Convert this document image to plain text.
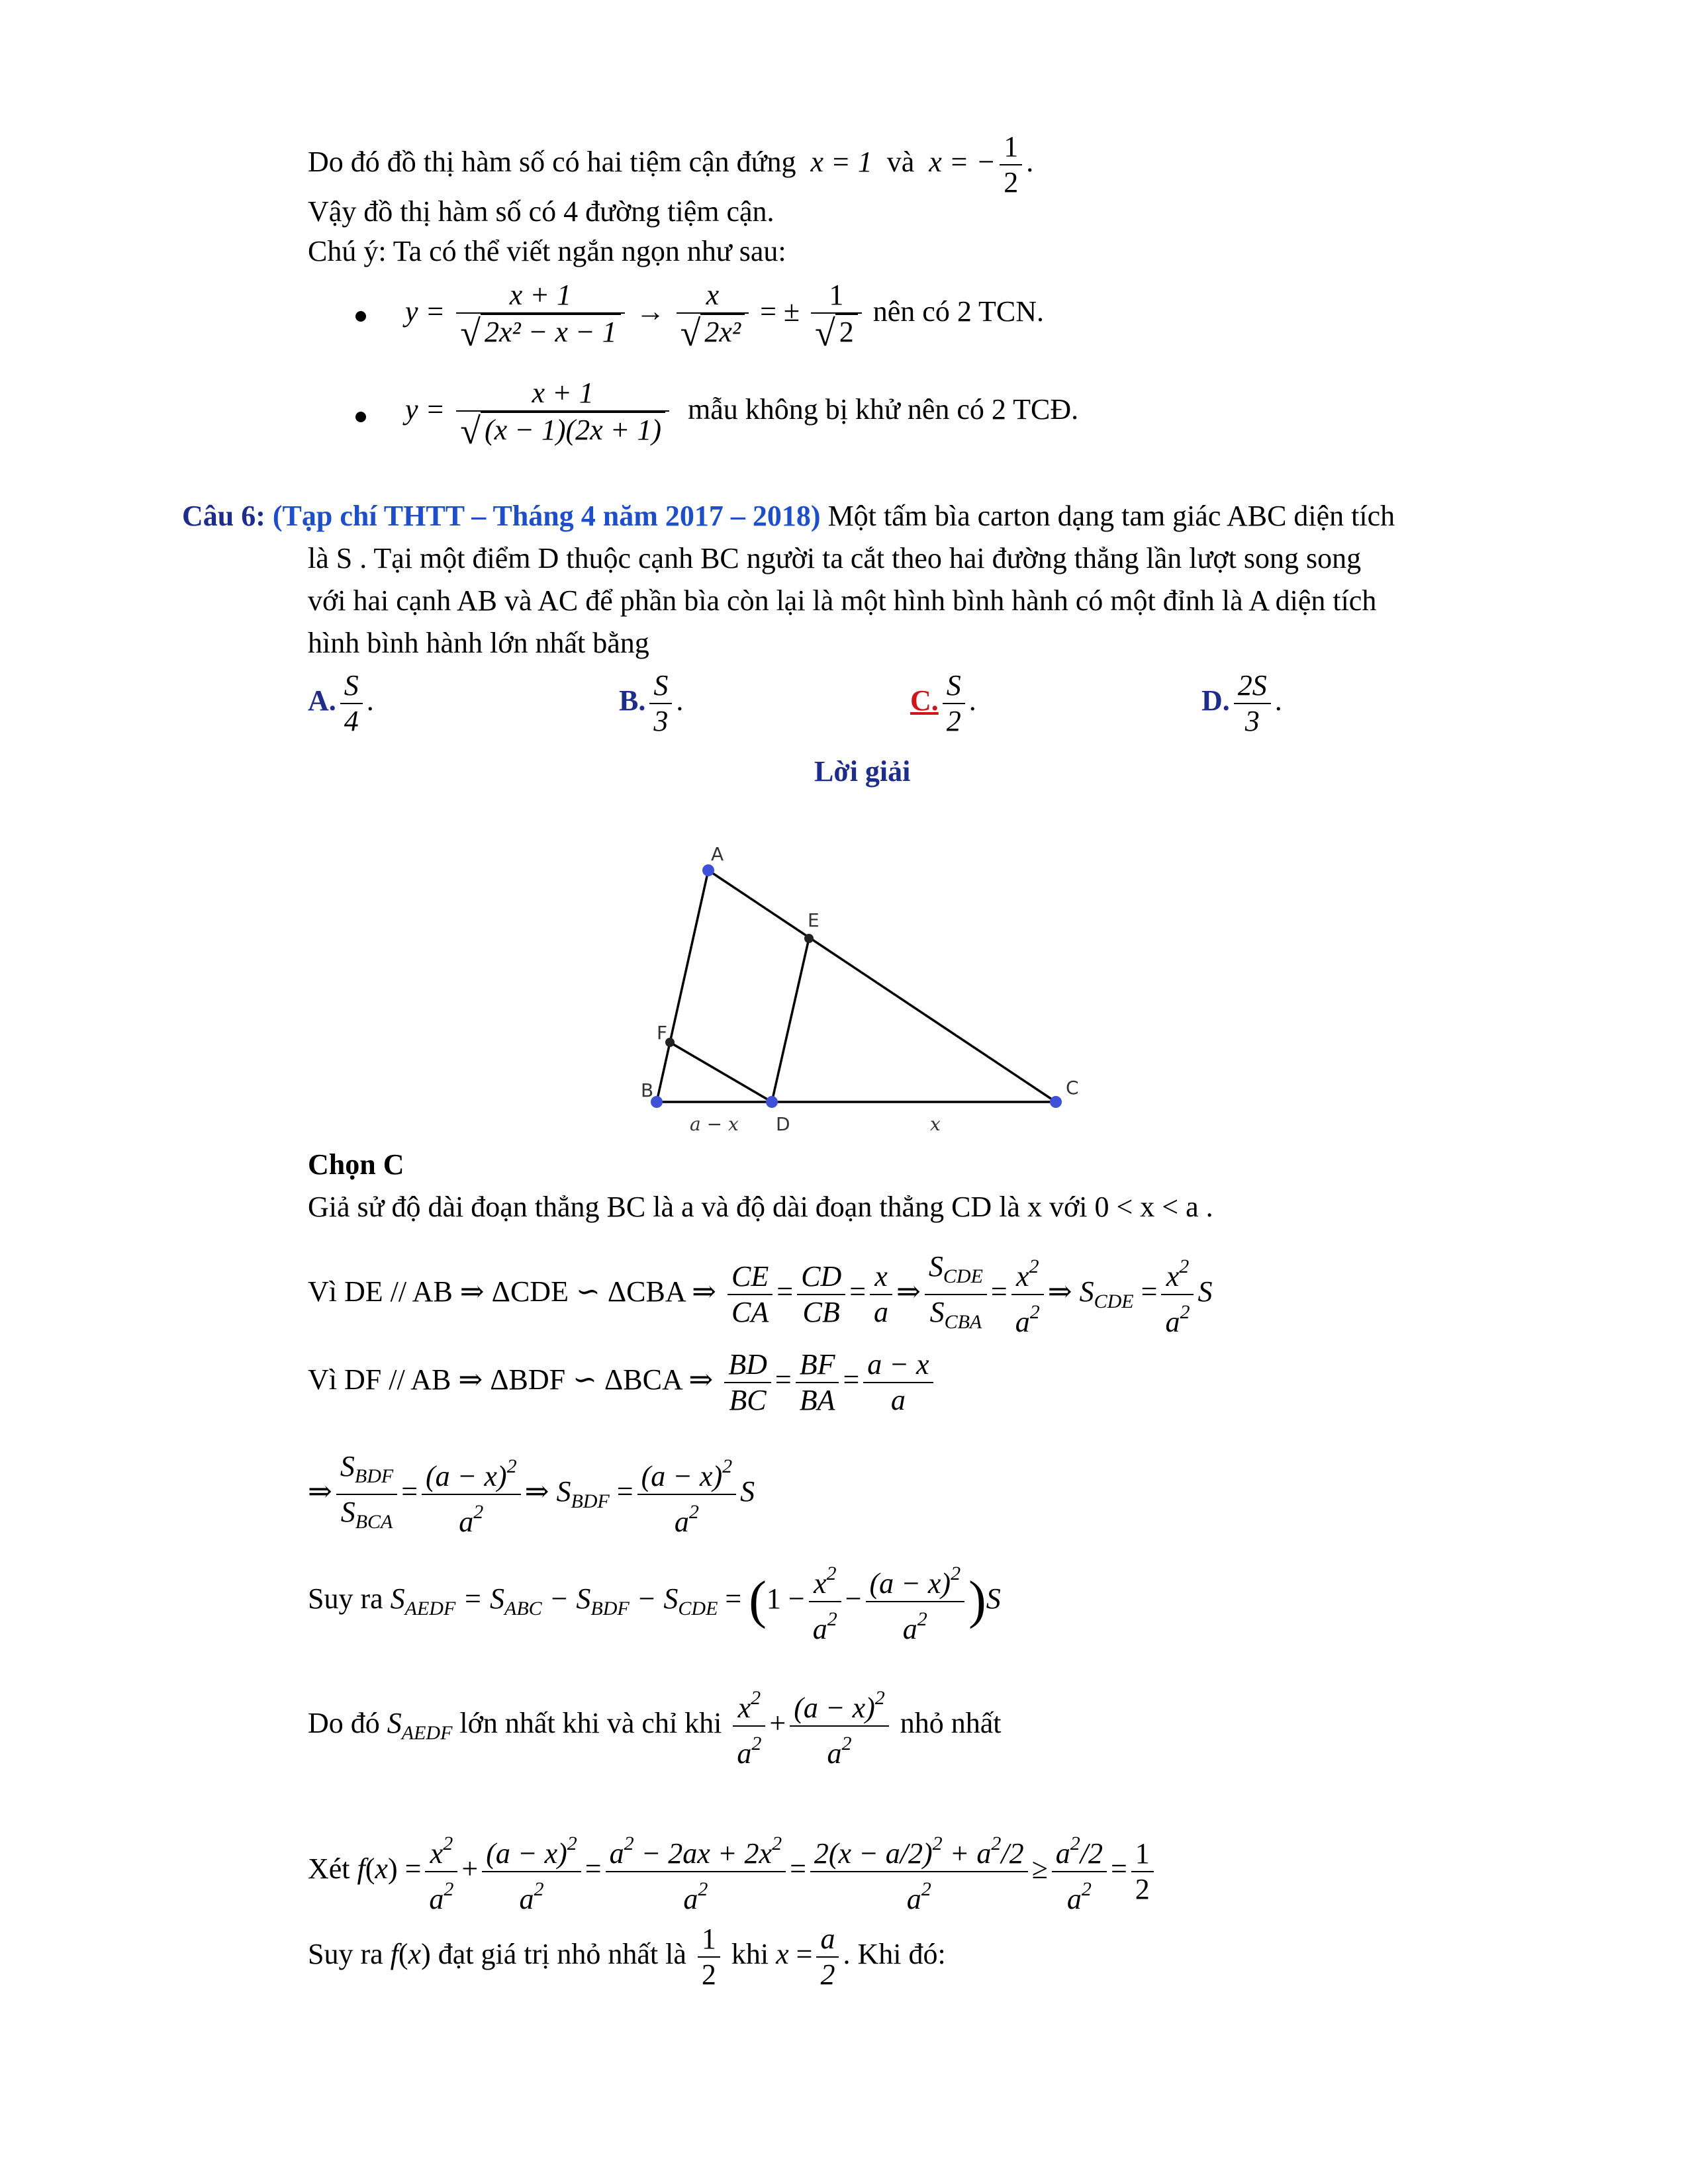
Do đó đồ thị hàm số có hai tiệm cận đứng x = 1 và x = − $\frac{1}{2}$ .
Vậy đồ thị hàm số có 4 đường tiệm cận.
Chú ý: Ta có thể viết ngắn ngọn như sau:
$y = \frac{x + 1}{\text{√ 2x² − x − 1}} \to \frac{x}{\text{√ 2x²}}$ = ± $\frac{1}{√ 2}$ nên có 2 TCN.
$y = \frac{x + 1}{√ (x - 1)(2x + 1)}$ mẫu không bị khử nên có 2 TCĐ.
Câu 6: (Tạp chí THTT – Tháng 4 năm 2017 – 2018) Một tấm bìa carton dạng tam giác ABC diện tích
là S . Tại một điểm D thuộc cạnh BC người ta cắt theo hai đường thẳng lần lượt song song
với hai cạnh AB và AC để phần bìa còn lại là một hình bình hành có một đỉnh là A diện tích
hình bình hành lớn nhất bằng
A. $\frac{S}{4}$ .	B. $\frac{S}{3}$ .	C. $\frac{S}{2}$ .	D. $\frac{2S}{3}$ .
Lời giải
A
E
F
B	C
D
a − x	x
Chọn C
Giả sử độ dài đoạn thẳng BC là a và độ dài đoạn thẳng CD là x với 0 < x < a .
Vì DE // AB ⇒ ΔCDE ∽ ΔCBA ⇒ $\frac{CE}{CA} = \frac{CD}{CB} = \frac{x}{a}$ ⇒ $\frac{S_{CDE}}{S_{CBA}} = \frac{x^2}{a^2}$ ⇒ $S_{CDE} = \frac{x^2}{a^2}$ S
Vì DF // AB ⇒ ΔBDF ∽ ΔBCA ⇒ $\frac{BD}{BC} = \frac{BF}{BA} = \frac{a - x}{a}$
⇒ $\frac{S_{BDF}}{S_{BCA}} = \frac{(a - x)^2}{a^2}$ ⇒ $S_{BDF} = \frac{(a - x)^2}{a^2}$ S
Suy ra $S_{AEDF} = S_{ABC} - S_{BDF} - S_{CDE} = (1 - \frac{x^2}{a^2} - \frac{(a - x)^2}{a^2} )S$
Do đó $S_{AEDF}$ lớn nhất khi và chỉ khi $\frac{x^2}{a^2} + \frac{(a - x)^2}{a^2}$ nhỏ nhất
Xét $f(x) = \frac{x^2}{a^2} + \frac{(a - x)^2}{a^2} = \frac{a^2 - 2ax + 2x^2}{a^2} = \frac{2(x - a/2)^2 + a^2/2}{a^2} \ge \frac{a^2/2}{a^2} = \frac{1}{2}$
Suy ra f(x) đạt giá trị nhỏ nhất là $\frac{1}{2}$ khi $x = \frac{a}{2}$ . Khi đó:
